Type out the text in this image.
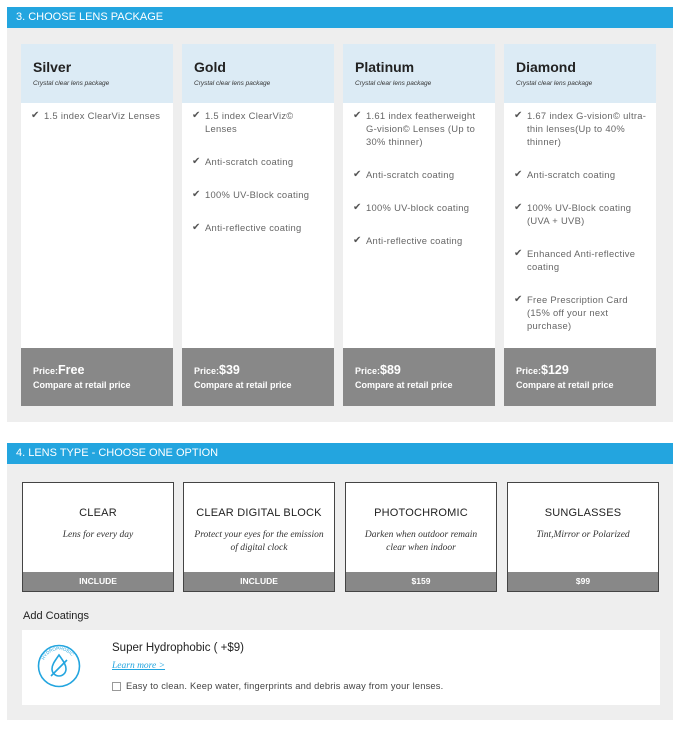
3. CHOOSE LENS PACKAGE
Silver
Crystal clear lens package
✔ 1.5 index ClearViz Lenses
Price:Free
Compare at retail price
Gold
Crystal clear lens package
✔ 1.5 index ClearViz© Lenses
✔ Anti-scratch coating
✔ 100% UV-Block coating
✔ Anti-reflective coating
Price:$39
Compare at retail price
Platinum
Crystal clear lens package
✔ 1.61 index featherweight G-vision© Lenses (Up to 30% thinner)
✔ Anti-scratch coating
✔ 100% UV-block coating
✔ Anti-reflective coating
Price:$89
Compare at retail price
Diamond
Crystal clear lens package
✔ 1.67 index G-vision© ultra-thin lenses(Up to 40% thinner)
✔ Anti-scratch coating
✔ 100% UV-Block coating (UVA + UVB)
✔ Enhanced Anti-reflective coating
✔ Free Prescription Card (15% off your next purchase)
Price:$129
Compare at retail price
4. LENS TYPE - CHOOSE ONE OPTION
CLEAR
Lens for every day
INCLUDE
CLEAR DIGITAL BLOCK
Protect your eyes for the emission of digital clock
INCLUDE
PHOTOCHROMIC
Darken when outdoor remain clear when indoor
$159
SUNGLASSES
Tint,Mirror or Polarized
$99
Add Coatings
HYDROPHOBIC
Super Hydrophobic ( +$9)
Learn more >
Easy to clean. Keep water, fingerprints and debris away from your lenses.
